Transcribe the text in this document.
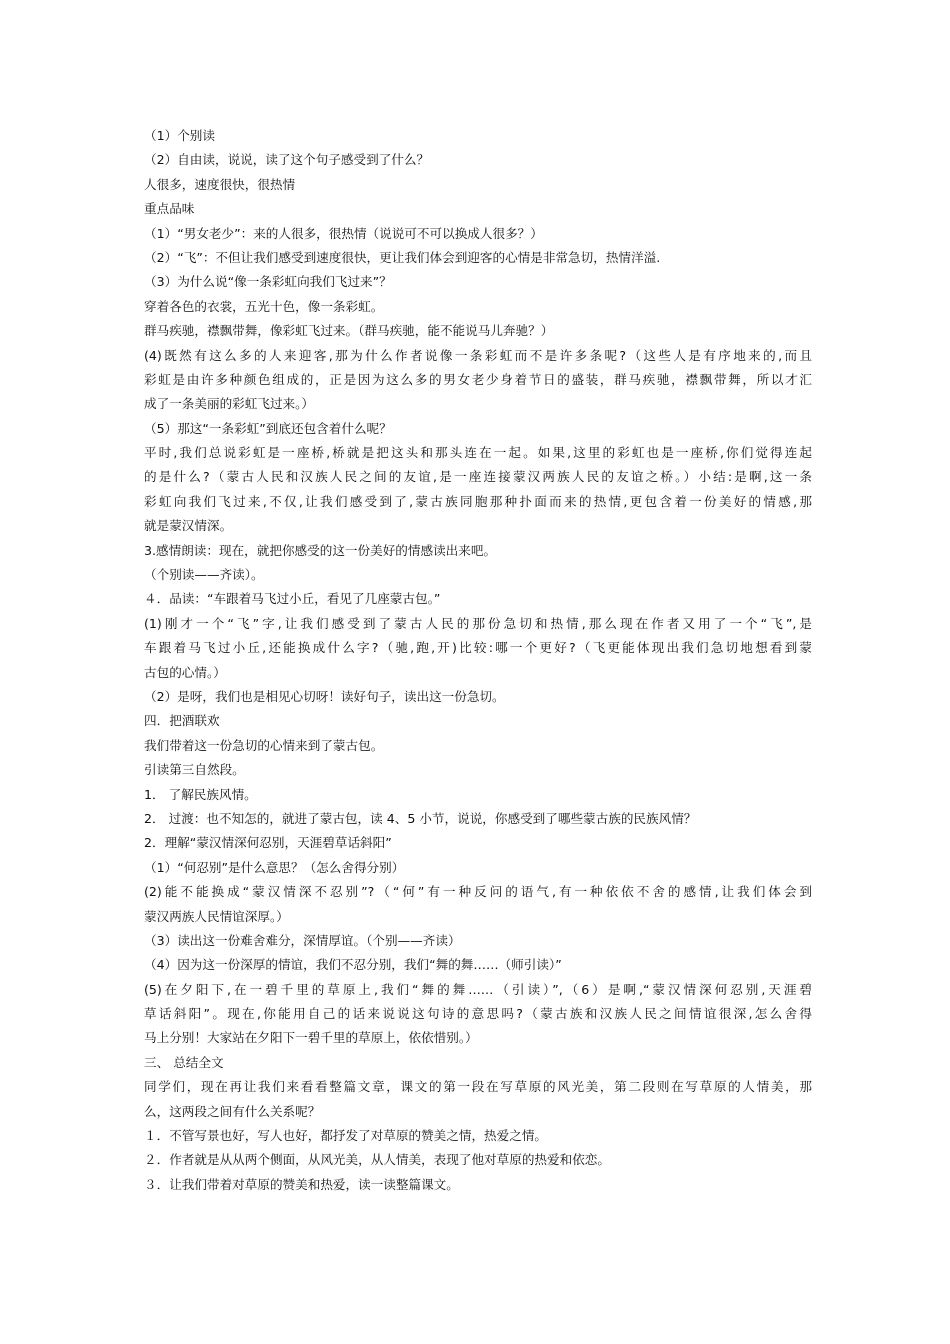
（1）个别读
（2）自由读，说说，读了这个句子感受到了什么？
人很多，速度很快，很热情
重点品味
（1）“男女老少”：来的人很多，很热情（说说可不可以换成人很多？）
（2）“飞”：不但让我们感受到速度很快，更让我们体会到迎客的心情是非常急切，热情洋溢.
（3）为什么说“像一条彩虹向我们飞过来”？
穿着各色的衣裳，五光十色，像一条彩虹。
群马疾驰，襟飘带舞，像彩虹飞过来。（群马疾驰，能不能说马儿奔驰？）
(4)既然有这么多的人来迎客,那为什么作者说像一条彩虹而不是许多条呢?（这些人是有序地来的,而且
彩虹是由许多种颜色组成的，正是因为这么多的男女老少身着节日的盛装，群马疾驰，襟飘带舞，所以才汇
成了一条美丽的彩虹飞过来。）
（5）那这“一条彩虹”到底还包含着什么呢？
平时,我们总说彩虹是一座桥,桥就是把这头和那头连在一起。如果,这里的彩虹也是一座桥,你们觉得连起
的是什么?（蒙古人民和汉族人民之间的友谊,是一座连接蒙汉两族人民的友谊之桥。）小结:是啊,这一条
彩虹向我们飞过来,不仅,让我们感受到了,蒙古族同胞那种扑面而来的热情,更包含着一份美好的情感,那
就是蒙汉情深。
3.感情朗读：现在，就把你感受的这一份美好的情感读出来吧。
（个别读——齐读）。
４．品读：“车跟着马飞过小丘，看见了几座蒙古包。”
(1)刚才一个“飞”字,让我们感受到了蒙古人民的那份急切和热情,那么现在作者又用了一个“飞”,是
车跟着马飞过小丘,还能换成什么字?（驰,跑,开)比较:哪一个更好?（飞更能体现出我们急切地想看到蒙
古包的心情。）
（2）是呀，我们也是相见心切呀！读好句子，读出这一份急切。
四．把酒联欢
我们带着这一份急切的心情来到了蒙古包。
引读第三自然段。
1． 了解民族风情。
2． 过渡：也不知怎的，就进了蒙古包，读 4、5 小节，说说，你感受到了哪些蒙古族的民族风情？
2．理解“蒙汉情深何忍别，天涯碧草话斜阳”
（1）“何忍别”是什么意思？（怎么舍得分别）
(2)能不能换成“蒙汉情深不忍别”?（“何”有一种反问的语气,有一种依依不舍的感情,让我们体会到
蒙汉两族人民情谊深厚。）
（3）读出这一份难舍难分，深情厚谊。（个别——齐读）
（4）因为这一份深厚的情谊，我们不忍分别，我们“舞的舞……（师引读）”
(5)在夕阳下,在一碧千里的草原上,我们“舞的舞……（引读）”,（6）是啊,“蒙汉情深何忍别,天涯碧
草话斜阳”。现在,你能用自己的话来说说这句诗的意思吗?（蒙古族和汉族人民之间情谊很深,怎么舍得
马上分别！大家站在夕阳下一碧千里的草原上，依依惜别。）
三、 总结全文
同学们，现在再让我们来看看整篇文章，课文的第一段在写草原的风光美，第二段则在写草原的人情美，那
么，这两段之间有什么关系呢？
１．不管写景也好，写人也好，都抒发了对草原的赞美之情，热爱之情。
２．作者就是从从两个侧面，从风光美，从人情美，表现了他对草原的热爱和依恋。
３．让我们带着对草原的赞美和热爱，读一读整篇课文。
